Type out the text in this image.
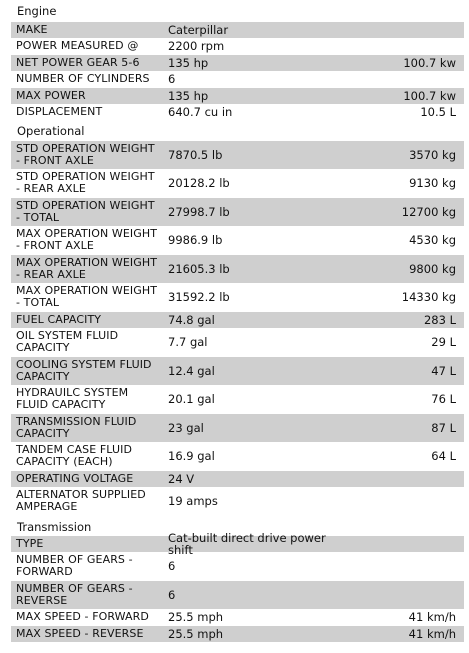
Engine
MAKE	Caterpillar
POWER MEASURED @	2200 rpm
NET POWER GEAR 5-6	135 hp	100.7 kw
NUMBER OF CYLINDERS	6
MAX POWER	135 hp	100.7 kw
DISPLACEMENT	640.7 cu in	10.5 L
Operational
STD OPERATION WEIGHT - FRONT AXLE	7870.5 lb	3570 kg
STD OPERATION WEIGHT - REAR AXLE	20128.2 lb	9130 kg
STD OPERATION WEIGHT - TOTAL	27998.7 lb	12700 kg
MAX OPERATION WEIGHT - FRONT AXLE	9986.9 lb	4530 kg
MAX OPERATION WEIGHT - REAR AXLE	21605.3 lb	9800 kg
MAX OPERATION WEIGHT - TOTAL	31592.2 lb	14330 kg
FUEL CAPACITY	74.8 gal	283 L
OIL SYSTEM FLUID CAPACITY	7.7 gal	29 L
COOLING SYSTEM FLUID CAPACITY	12.4 gal	47 L
HYDRAUILC SYSTEM FLUID CAPACITY	20.1 gal	76 L
TRANSMISSION FLUID CAPACITY	23 gal	87 L
TANDEM CASE FLUID CAPACITY (EACH)	16.9 gal	64 L
OPERATING VOLTAGE	24 V
ALTERNATOR SUPPLIED AMPERAGE	19 amps
Transmission
TYPE	Cat-built direct drive power shift
NUMBER OF GEARS - FORWARD	6
NUMBER OF GEARS - REVERSE	6
MAX SPEED - FORWARD	25.5 mph	41 km/h
MAX SPEED - REVERSE	25.5 mph	41 km/h
